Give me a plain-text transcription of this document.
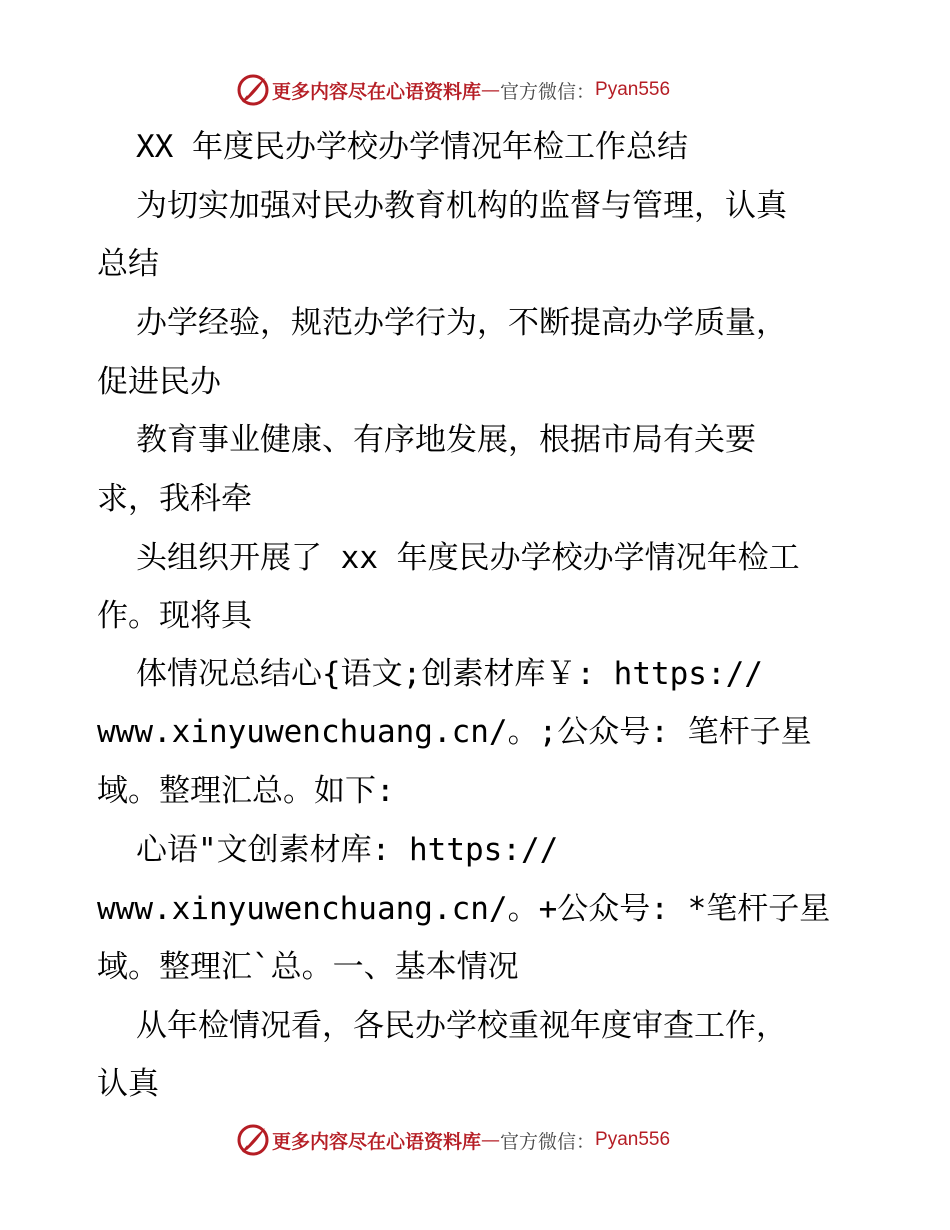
更多内容尽在心语资料库 — 官方微信： Pyan556
XX 年度民办学校办学情况年检工作总结
为切实加强对民办教育机构的监督与管理，认真
总结
办学经验，规范办学行为，不断提高办学质量，
促进民办
教育事业健康、有序地发展，根据市局有关要
求，我科牵
头组织开展了 xx 年度民办学校办学情况年检工
作。现将具
体情况总结心{语文;创素材库￥: https://
www.xinyuwenchuang.cn/。;公众号: 笔杆子星
域。整理汇总。如下:
心语"文创素材库: https://
www.xinyuwenchuang.cn/。+公众号: *笔杆子星
域。整理汇`总。一、基本情况
从年检情况看，各民办学校重视年度审查工作，
认真
更多内容尽在心语资料库 — 官方微信： Pyan556
